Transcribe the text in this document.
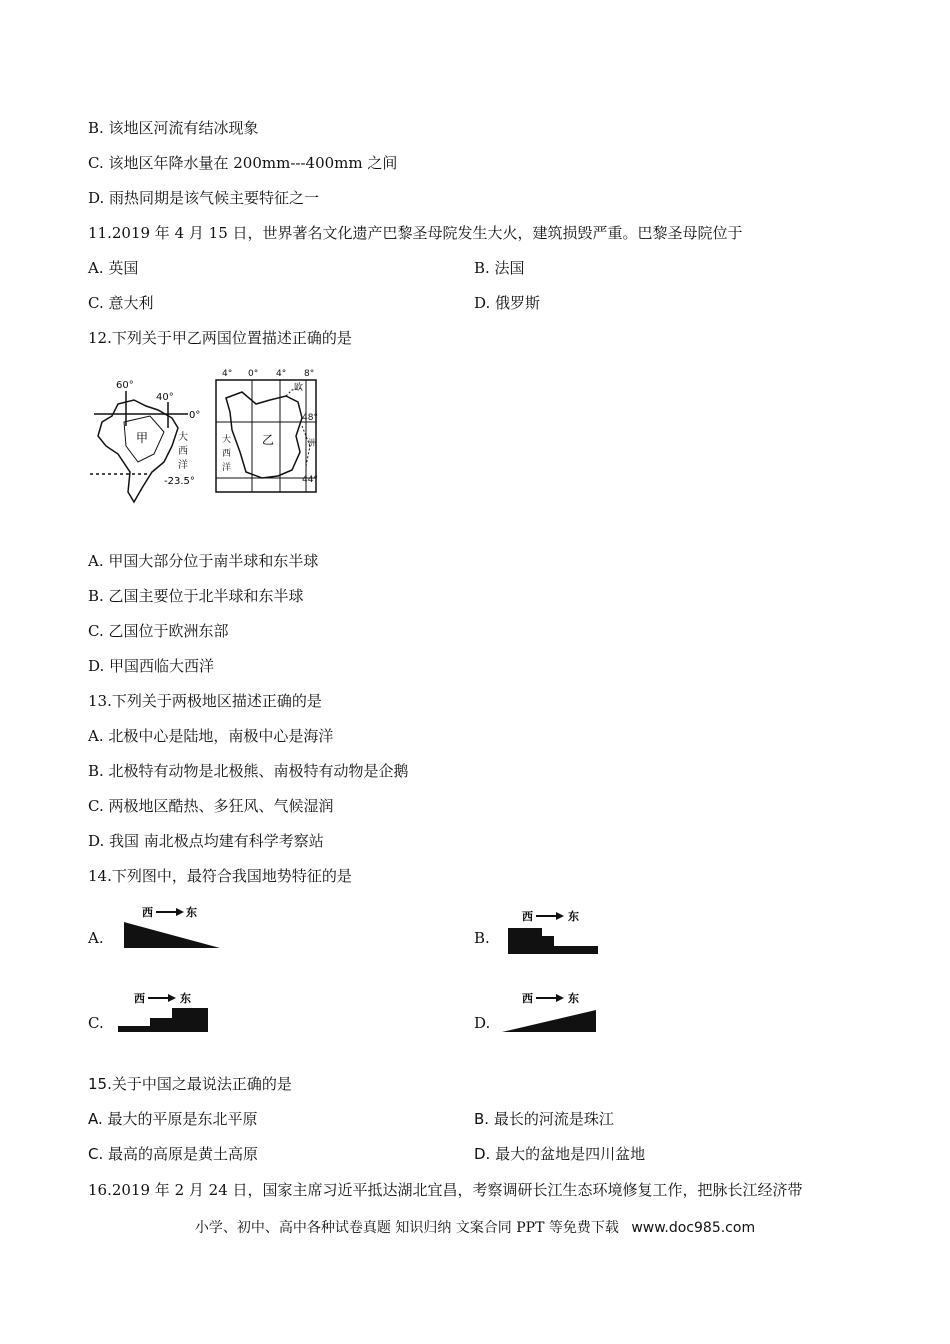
B. 该地区河流有结冰现象
C. 该地区年降水量在 200mm---400mm 之间
D. 雨热同期是该气候主要特征之一
11.2019 年 4 月 15 日，世界著名文化遗产巴黎圣母院发生大火，建筑损毁严重。巴黎圣母院位于
A. 英国	B. 法国
C. 意大利	D. 俄罗斯
12.下列关于甲乙两国位置描述正确的是
60°
40°
0°
甲	大
西
洋
-23.5°
4° 0° 4° 8°
乙
大
西
洋
欧
洲
48°
44°
A. 甲国大部分位于南半球和东半球
B. 乙国主要位于北半球和东半球
C. 乙国位于欧洲东部
D. 甲国西临大西洋
13.下列关于两极地区描述正确的是
A. 北极中心是陆地，南极中心是海洋
B. 北极特有动物是北极熊、南极特有动物是企鹅
C. 两极地区酷热、多狂风、气候湿润
D. 我国 南北极点均建有科学考察站
14.下列图中，最符合我国地势特征的是
A.
西	东
B.
西	东
C.
西	东
D.
西	东
15.关于中国之最说法正确的是
A. 最大的平原是东北平原	B. 最长的河流是珠江
C. 最高的高原是黄土高原	D. 最大的盆地是四川盆地
16.2019 年 2 月 24 日，国家主席习近平抵达湖北宜昌，考察调研长江生态环境修复工作，把脉长江经济带
小学、初中、高中各种试卷真题 知识归纳 文案合同 PPT 等免费下载 www.doc985.com
